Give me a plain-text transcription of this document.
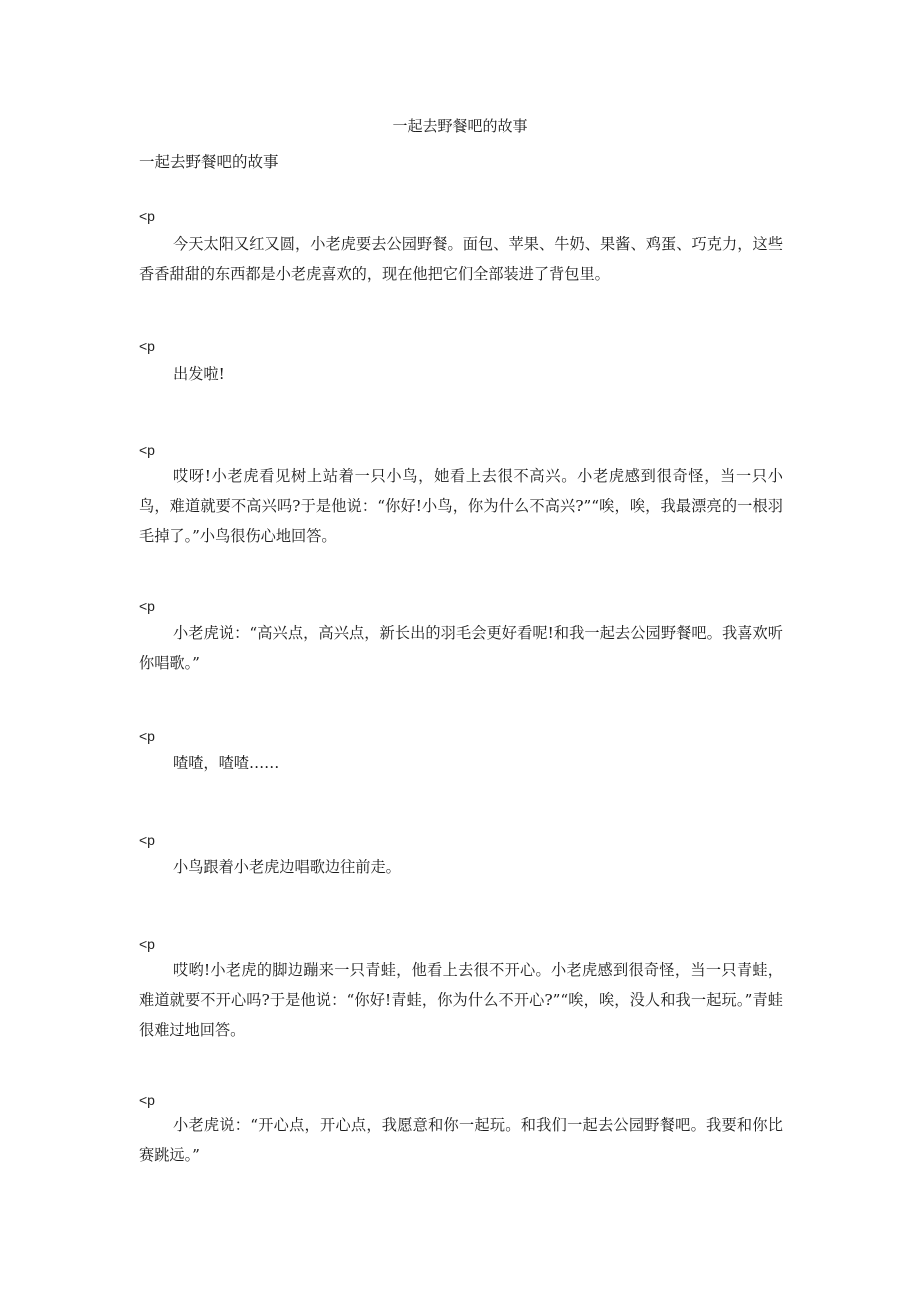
一起去野餐吧的故事
一起去野餐吧的故事
<p

今天太阳又红又圆，小老虎要去公园野餐。面包、苹果、牛奶、果酱、鸡蛋、巧克力，这些香香甜甜的东西都是小老虎喜欢的，现在他把它们全部装进了背包里。

<p

出发啦!

<p

哎呀!小老虎看见树上站着一只小鸟，她看上去很不高兴。小老虎感到很奇怪，当一只小鸟，难道就要不高兴吗?于是他说：“你好!小鸟，你为什么不高兴?”“唉，唉，我最漂亮的一根羽毛掉了。”小鸟很伤心地回答。

<p

小老虎说：“高兴点，高兴点，新长出的羽毛会更好看呢!和我一起去公园野餐吧。我喜欢听你唱歌。”

<p

喳喳，喳喳……

<p

小鸟跟着小老虎边唱歌边往前走。

<p

哎哟!小老虎的脚边蹦来一只青蛙，他看上去很不开心。小老虎感到很奇怪，当一只青蛙，难道就要不开心吗?于是他说：“你好!青蛙，你为什么不开心?”“唉，唉，没人和我一起玩。”青蛙很难过地回答。

<p

小老虎说：“开心点，开心点，我愿意和你一起玩。和我们一起去公园野餐吧。我要和你比赛跳远。”
